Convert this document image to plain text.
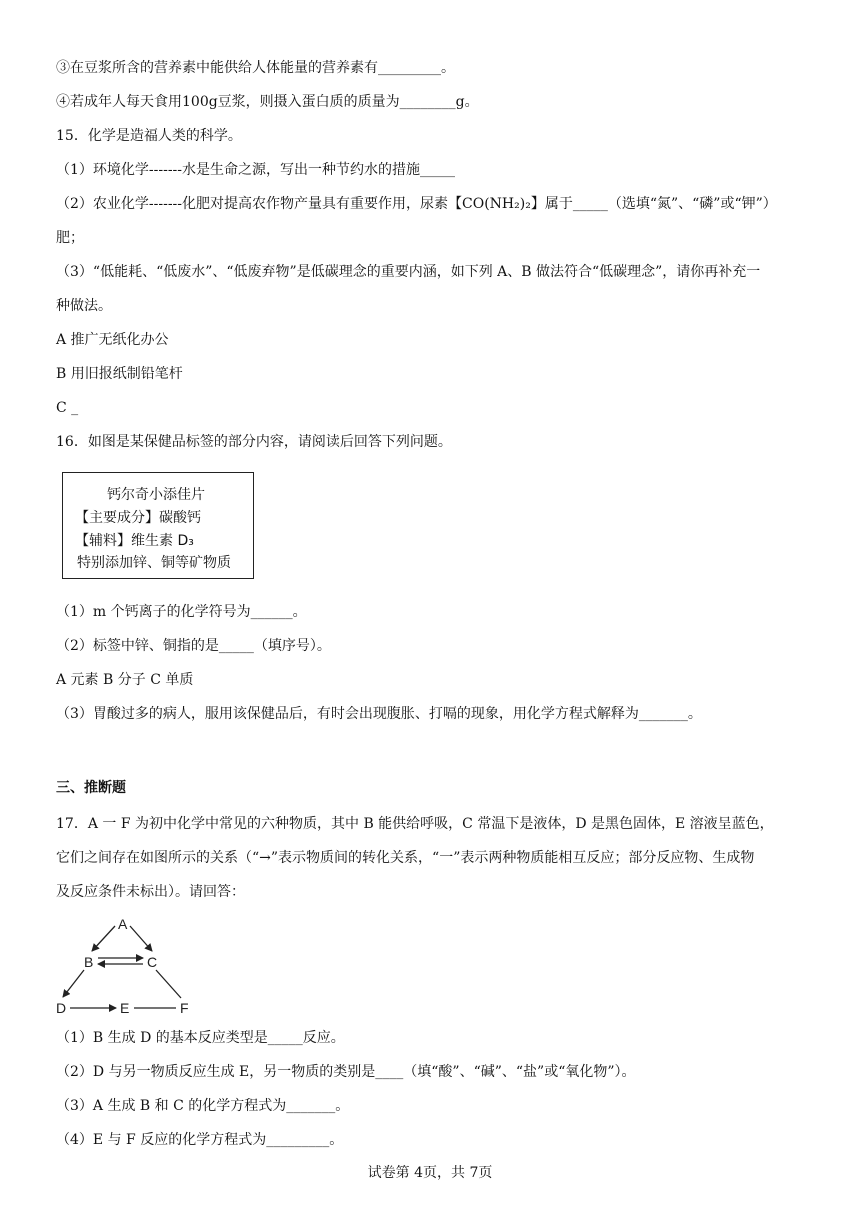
③在豆浆所含的营养素中能供给人体能量的营养素有_________。
④若成年人每天食用100g豆浆，则摄入蛋白质的质量为________g。
15．化学是造福人类的科学。
（1）环境化学-------水是生命之源，写出一种节约水的措施_____
（2）农业化学-------化肥对提高农作物产量具有重要作用，尿素【CO(NH₂)₂】属于_____（选填“氮”、“磷”或“钾”）
肥；
（3）“低能耗、“低废水”、“低废弃物”是低碳理念的重要内涵，如下列 A、B 做法符合“低碳理念”，请你再补充一
种做法。
A 推广无纸化办公
B 用旧报纸制铅笔杆
C _
16．如图是某保健品标签的部分内容，请阅读后回答下列问题。
钙尔奇小添佳片
【主要成分】碳酸钙
【辅料】维生素 D₃
特别添加锌、铜等矿物质
（1）m 个钙离子的化学符号为______。
（2）标签中锌、铜指的是_____（填序号）。
A 元素 B 分子 C 单质
（3）胃酸过多的病人，服用该保健品后，有时会出现腹胀、打嗝的现象，用化学方程式解释为_______。
三、推断题
17．A 一 F 为初中化学中常见的六种物质，其中 B 能供给呼吸，C 常温下是液体，D 是黑色固体，E 溶液呈蓝色，
它们之间存在如图所示的关系（“→”表示物质间的转化关系，“一”表示两种物质能相互反应；部分反应物、生成物
及反应条件未标出）。请回答：
A
B	C
D	E	F
（1）B 生成 D 的基本反应类型是_____反应。
（2）D 与另一物质反应生成 E，另一物质的类别是____（填“酸”、“碱”、“盐”或“氧化物”）。
（3）A 生成 B 和 C 的化学方程式为_______。
（4）E 与 F 反应的化学方程式为_________。
试卷第 4页，共 7页
